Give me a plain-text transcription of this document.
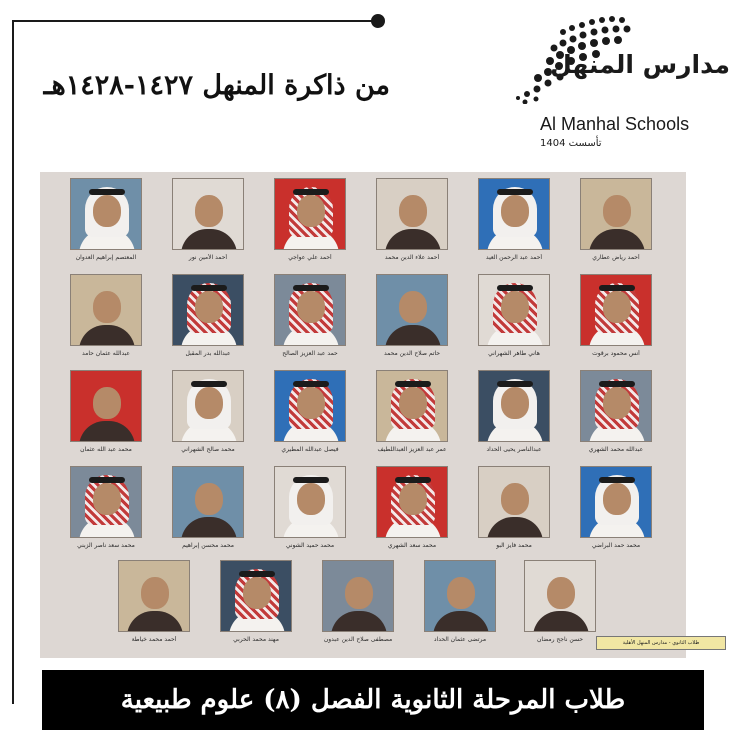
من ذاكرة المنهل ١٤٢٧-١٤٢٨هـ
مدارس المنهل
Al Manhal Schools
تأسست 1404
طلاب الثانوي - مدارس المنهل الأهلية
أحمد رياض عطاري
أحمد عبد الرحمن العيد
أحمد علاء الدين محمد
أحمد علي عواجي
أحمد الأمين نور
المعتصم إبراهيم العدوان
أنس محمود برقوت
هاني طاهر الشهراني
حاتم صلاح الدين محمد
حمد عبد العزيز الصالح
عبدالله بدر المقبل
عبدالله عثمان حامد
عبدالله محمد الشهري
عبدالناصر يحيى الحداد
عمر عبد العزيز العبداللطيف
فيصل عبدالله المطيري
محمد صالح الشهراني
محمد عبد الله عثمان
محمد حمد البراضي
محمد فايز البو
محمد سعد الشهري
محمد حميد الشوني
محمد محسن إبراهيم
محمد سعد ناصر الزبني
حسن ناجح رمضان
مرتضى عثمان الحداد
مصطفى صلاح الدين عبدون
مهند محمد الحربي
أحمد محمد خياطة
طلاب المرحلة الثانوية الفصل (٨) علوم طبيعية
